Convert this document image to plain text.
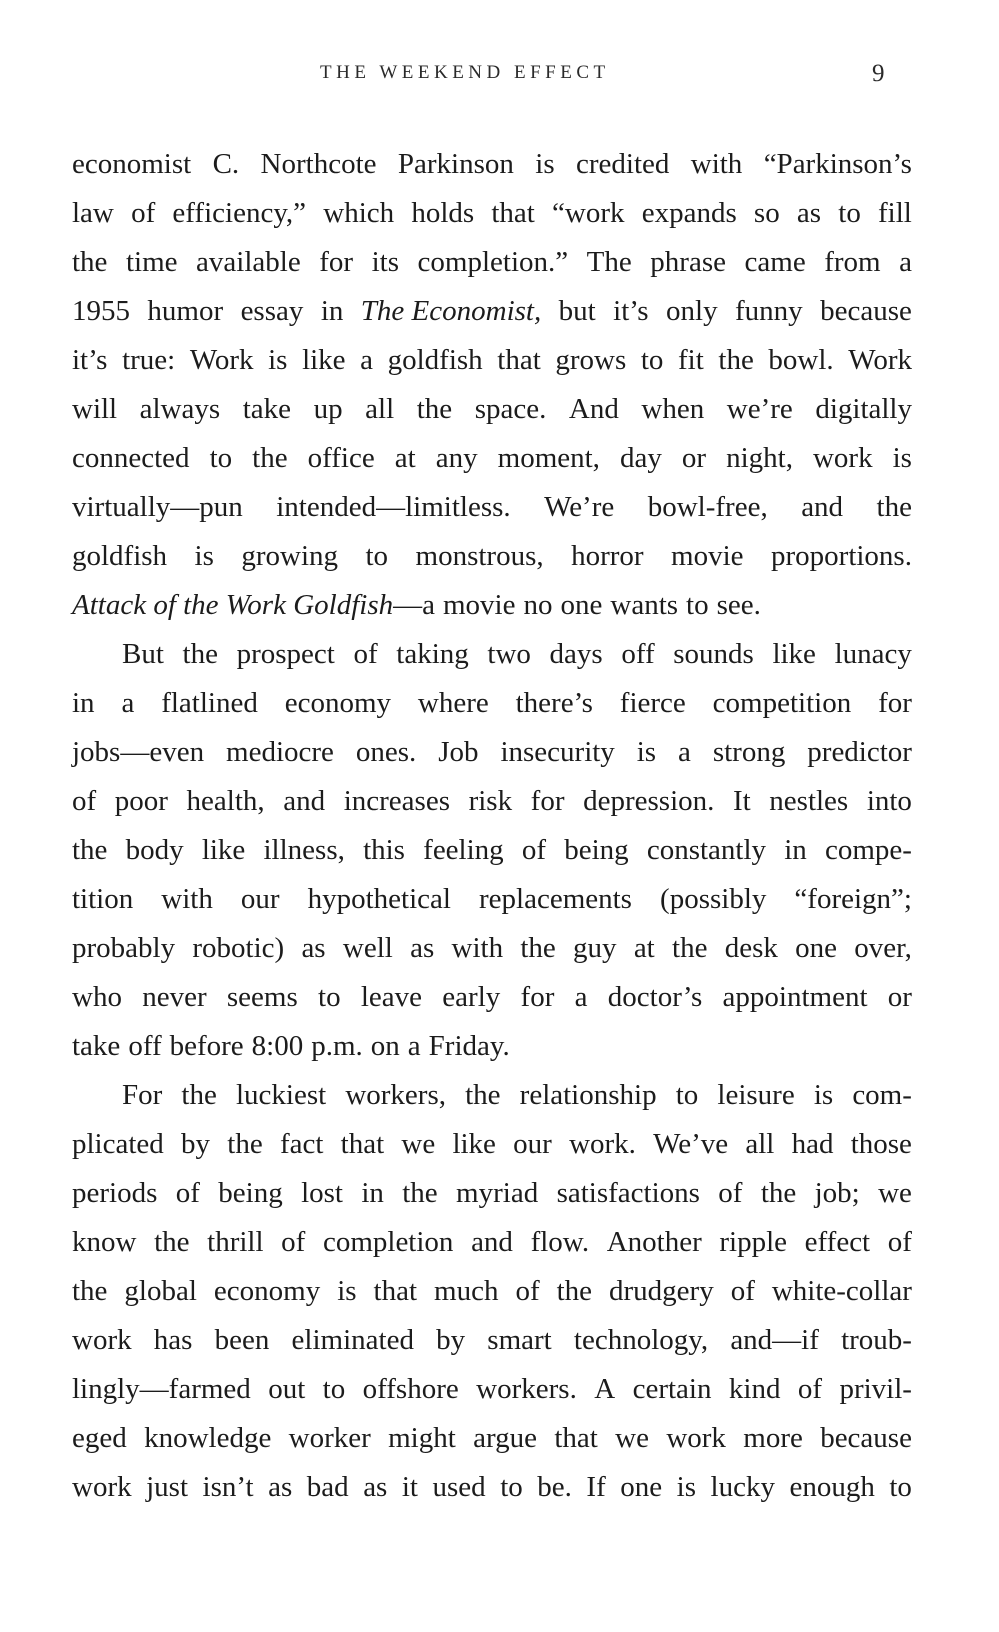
THE WEEKEND EFFECT	9
economist C. Northcote Parkinson is credited with “Parkinson’s
law of efficiency,” which holds that “work expands so as to fill
the time available for its completion.” The phrase came from a
1955 humor essay in The Economist, but it’s only funny because
it’s true: Work is like a goldfish that grows to fit the bowl. Work
will always take up all the space. And when we’re digitally
connected to the office at any moment, day or night, work is
virtually—pun intended—limitless. We’re bowl-free, and the
goldfish is growing to monstrous, horror movie proportions.
Attack of the Work Goldfish—a movie no one wants to see.
But the prospect of taking two days off sounds like lunacy
in a flatlined economy where there’s fierce competition for
jobs—even mediocre ones. Job insecurity is a strong predictor
of poor health, and increases risk for depression. It nestles into
the body like illness, this feeling of being constantly in compe-
tition with our hypothetical replacements (possibly “foreign”;
probably robotic) as well as with the guy at the desk one over,
who never seems to leave early for a doctor’s appointment or
take off before 8:00 p.m. on a Friday.
For the luckiest workers, the relationship to leisure is com-
plicated by the fact that we like our work. We’ve all had those
periods of being lost in the myriad satisfactions of the job; we
know the thrill of completion and flow. Another ripple effect of
the global economy is that much of the drudgery of white-collar
work has been eliminated by smart technology, and—if troub-
lingly—farmed out to offshore workers. A certain kind of privil-
eged knowledge worker might argue that we work more because
work just isn’t as bad as it used to be. If one is lucky enough to
